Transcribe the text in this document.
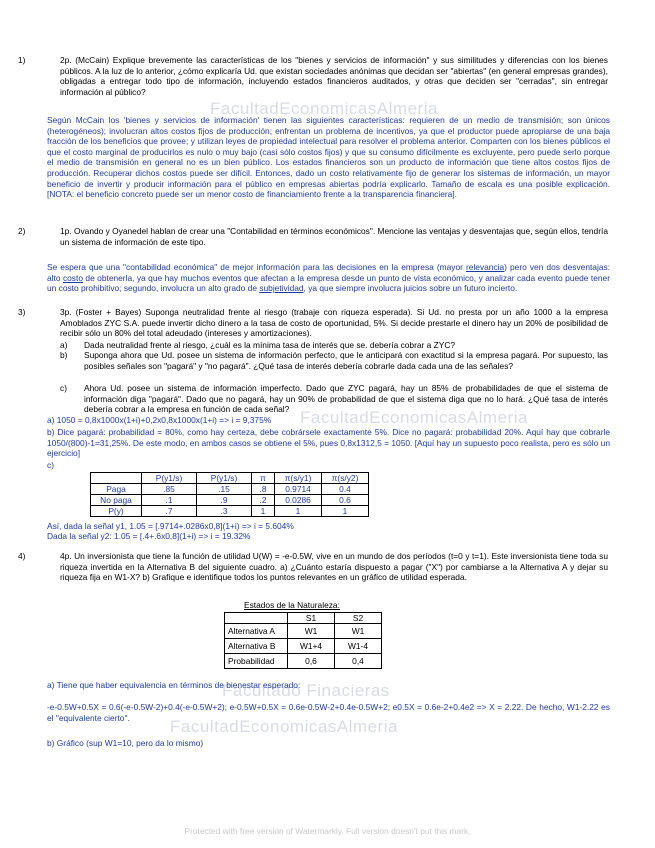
FacultadEconomicasAlmeria
FacultadEconomicasAlmeria
Facultado Finacieras
FacultadEconomicasAlmeria
1)	2p. (McCain) Explique brevemente las características de los "bienes y servicios de información" y sus similitudes y diferencias con los bienes públicos. A la luz de lo anterior, ¿cómo explicaría Ud. que existan sociedades anónimas que decidan ser "abiertas" (en general empresas grandes), obligadas a entregar todo tipo de información, incluyendo estados financieros auditados, y otras que deciden ser "cerradas", sin entregar información al público?
Según McCain los 'bienes y servicios de información' tienen las siguientes características: requieren de un medio de transmisión; son únicos (heterogéneos); involucran altos costos fijos de producción; enfrentan un problema de incentivos, ya que el productor puede apropiarse de una baja fracción de los beneficios que provee; y utilizan leyes de propiedad intelectual para resolver el problema anterior. Comparten con los bienes públicos el que el costo marginal de producirlos es nulo o muy bajo (casi sólo costos fijos) y que su consumo difícilmente es excluyente, pero puede serlo porque el medio de transmisión en general no es un bien público. Los estados financieros son un producto de información que tiene altos costos fijos de producción. Recuperar dichos costos puede ser difícil. Entonces, dado un costo relativamente fijo de generar los sistemas de información, un mayor beneficio de invertir y producir información para el público en empresas abiertas podría explicarlo. Tamaño de escala es una posible explicación. [NOTA: el beneficio concreto puede ser un menor costo de financiamiento frente a la transparencia financiera].
2)	1p. Ovando y Oyanedel hablan de crear una "Contabilidad en términos económicos". Mencione las ventajas y desventajas que, según ellos, tendría un sistema de información de este tipo.
Se espera que una "contabilidad económica" de mejor información para las decisiones en la empresa (mayor relevancia) pero ven dos desventajas: alto costo de obtenerla, ya que hay muchos eventos que afectan a la empresa desde un punto de vista económico, y analizar cada evento puede tener un costo prohibitivo; segundo, involucra un alto grado de subjetividad, ya que siempre involucra juicios sobre un futuro incierto.
3)	3p. (Foster + Bayes) Suponga neutralidad frente al riesgo (trabaje con riqueza esperada). Si Ud. no presta por un año 1000 a la empresa Amoblados ZYC S.A. puede invertir dicho dinero a la tasa de costo de oportunidad, 5%. Si decide prestarle el dinero hay un 20% de posibilidad de recibir sólo un 80% del total adeudado (intereses y amortizaciones).
a) Dada neutralidad frente al riesgo, ¿cuál es la mínima tasa de interés que se. debería cobrar a ZYC?
b) Suponga ahora que Ud. posee un sistema de información perfecto, que le anticipará con exactitud si la empresa pagará. Por supuesto, las posibles señales son "pagará" y "no pagará". ¿Qué tasa de interés debería cobrarle dada cada una de las señales?
c) Ahora Ud. posee un sistema de información imperfecto. Dado que ZYC pagará, hay un 85% de probabilidades de que el sistema de información diga "pagará". Dado que no pagará, hay un 90% de probabilidad de que el sistema diga que no lo hará. ¿Qué tasa de interés debería cobrar a la empresa en función de cada señal?
a) 1050 = 0,8x1000x(1+i)+0,2x0,8x1000x(1+i) => i = 9,375%
b) Dice pagará: probabilidad = 80%, como hay certeza, debe cobrársele exactamente 5%. Dice no pagará: probabilidad 20%. Aquí hay que cobrarle 1050/(800)-1=31,25%. De este modo, en ambos casos se obtiene el 5%, pues 0,8x1312,5 = 1050. [Aquí hay un supuesto poco realista, pero es sólo un ejercicio]
c)
	P(y1/s)	P(y1/s)	π	π(s/y1)	π(s/y2)
Paga	.85	.15	.8	0.9714	0.4
No paga	.1	.9	.2	0.0286	0.6
P(y)	.7	.3	1	1	1
Así, dada la señal y1, 1.05 = [.9714+.0286x0,8](1+i) => i = 5.604%
Dada la señal y2: 1.05 = [.4+.6x0,8](1+i) => i = 19.32%
4)	4p. Un inversionista que tiene la función de utilidad U(W) = -e-0.5W, vive en un mundo de dos períodos (t=0 y t=1). Este inversionista tiene toda su riqueza invertida en la Alternativa B del siguiente cuadro. a) ¿Cuánto estaría dispuesto a pagar ("X") por cambiarse a la Alternativa A y dejar su riqueza fija en W1-X? b) Grafique e identifique todos los puntos relevantes en un gráfico de utilidad esperada.
Estados de la Naturaleza:
	S1	S2
Alternativa A	W1	W1
Alternativa B	W1+4	W1-4
Probabilidad	0,6	0,4
a) Tiene que haber equivalencia en términos de bienestar esperado:
-e-0.5W+0.5X = 0.6(-e-0.5W-2)+0.4(-e-0.5W+2); e-0.5W+0.5X = 0.6e-0.5W-2+0.4e-0.5W+2; e0.5X = 0.6e-2+0.4e2 => X = 2.22. De hecho, W1-2.22 es el "equivalente cierto".
b) Gráfico (sup W1=10, pero da lo mismo)
Protected with free version of Watermarkly. Full version doesn't put this mark.
